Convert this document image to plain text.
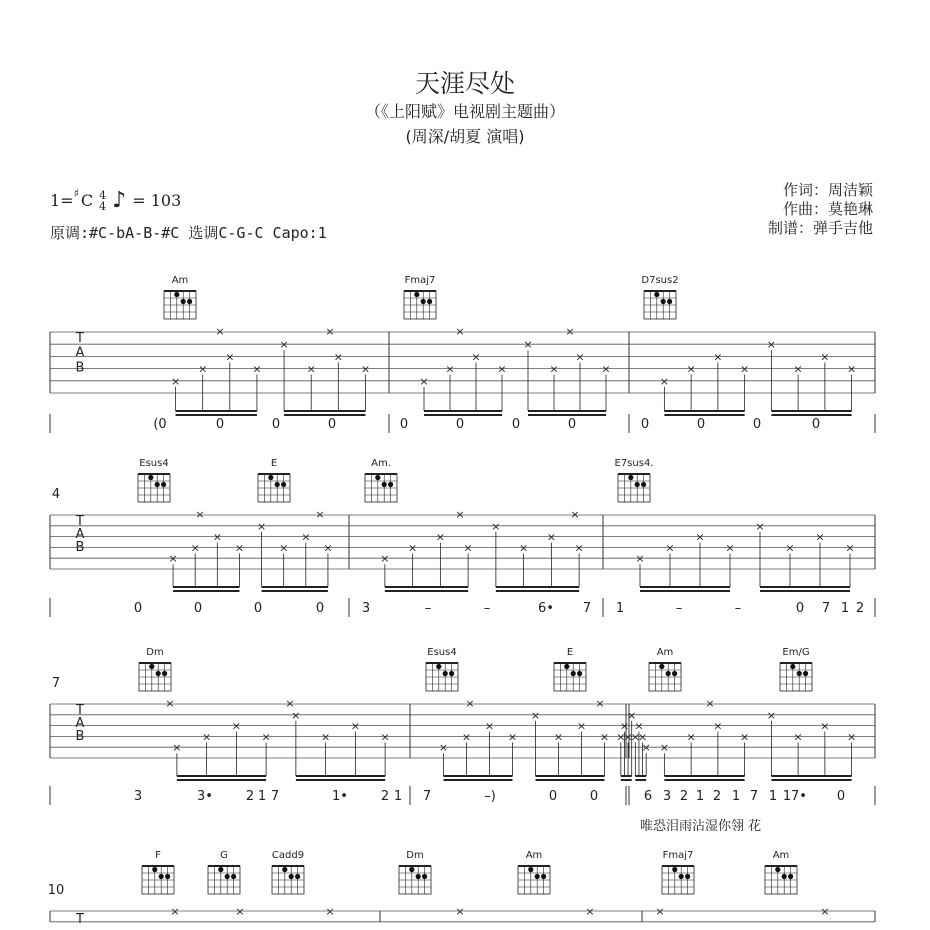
天涯尽处
（《上阳赋》电视剧主题曲）
(周深/胡夏 演唱)
1= ♯ C 4
4 ♪ = 103
原调:#C-bA-B-#C 选调C-G-C Capo:1
作词：周洁颖
作曲：莫艳琳
制谱：弹手吉他
T
A
B
Am	Fmaj7	D7sus2
×
×
×
×
×
×
×
×
×
×
×
×
×
×
×
×
×
×
×
×
×
×
×
×
×	×	×	×
(0	0	0	0	0	0	0	0	0	0	0	0
T
A
B
4
Esus4	E	Am.	E7sus4.
×
×
×
×
×
×
×
×
×
×
×
×
×
×
×
×
×
×
×
×
×
×
×
×
×	×	×	×
0	0	0	0	3	–	–	6• 7 1	–	–	0 7 1 2
T
A
B
7
Dm	Esus4	E	Am	Em/G
×
×
×
×
×
×
×
×
×
×
×
×
×
×
×
×
×
×
×
×
×
×
×
×
×
×
×
×
×
×
×
×
×	×	×	×	×
3	3•	2 1 7	1•	2 1 7	–)	0	0	6 3 2 1 2 1 7 1 1 7• 0
T
10
F	G	Cadd9	Dm	Am	Fmaj7	Am
×	×	×	×	×	×	×
唯恐泪雨沾湿你翎 花
